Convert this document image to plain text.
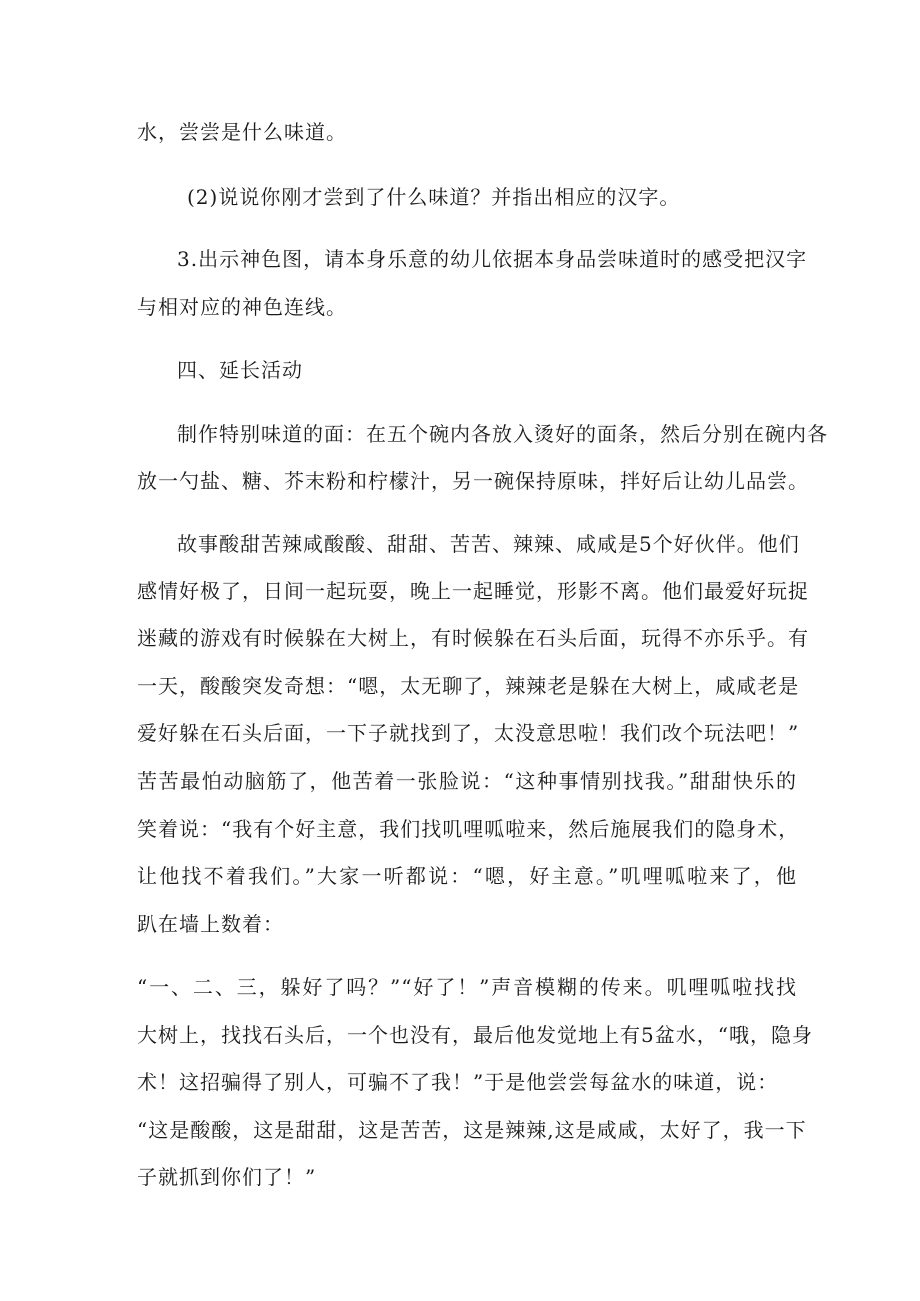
水，尝尝是什么味道。
(2)说说你刚才尝到了什么味道？并指出相应的汉字。
3.出示神色图，请本身乐意的幼儿依据本身品尝味道时的感受把汉字
与相对应的神色连线。
四、延长活动
制作特别味道的面：在五个碗内各放入烫好的面条，然后分别在碗内各
放一勺盐、糖、芥末粉和柠檬汁，另一碗保持原味，拌好后让幼儿品尝。
故事酸甜苦辣咸酸酸、甜甜、苦苦、辣辣、咸咸是5个好伙伴。他们
感情好极了，日间一起玩耍，晚上一起睡觉，形影不离。他们最爱好玩捉
迷藏的游戏有时候躲在大树上，有时候躲在石头后面，玩得不亦乐乎。有
一天，酸酸突发奇想：“嗯，太无聊了，辣辣老是躲在大树上，咸咸老是
爱好躲在石头后面，一下子就找到了，太没意思啦！我们改个玩法吧！”
苦苦最怕动脑筋了，他苦着一张脸说：“这种事情别找我。”甜甜快乐的
笑着说：“我有个好主意，我们找叽哩呱啦来，然后施展我们的隐身术，
让他找不着我们。”大家一听都说：“嗯，好主意。”叽哩呱啦来了，他
趴在墙上数着：
“一、二、三，躲好了吗？”“好了！”声音模糊的传来。叽哩呱啦找找
大树上，找找石头后，一个也没有，最后他发觉地上有5盆水，“哦，隐身
术！这招骗得了别人，可骗不了我！”于是他尝尝每盆水的味道，说：
“这是酸酸，这是甜甜，这是苦苦，这是辣辣,这是咸咸，太好了，我一下
子就抓到你们了！”
